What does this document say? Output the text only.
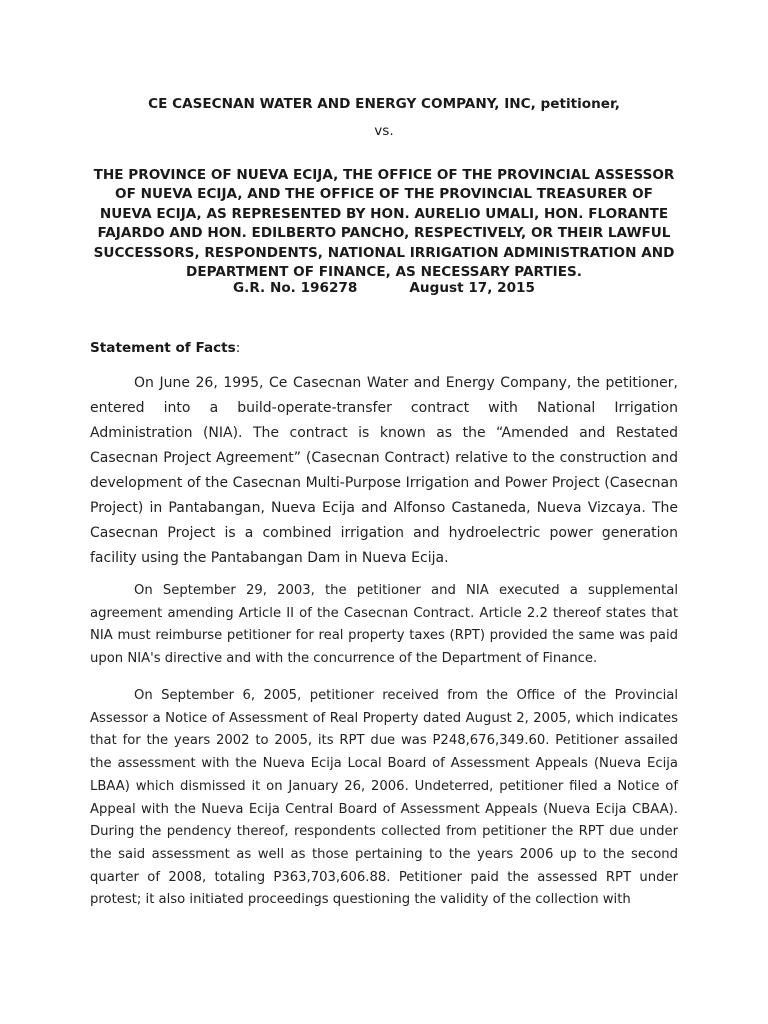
CE CASECNAN WATER AND ENERGY COMPANY, INC, petitioner,

vs.

THE PROVINCE OF NUEVA ECIJA, THE OFFICE OF THE PROVINCIAL ASSESSOR OF NUEVA ECIJA, AND THE OFFICE OF THE PROVINCIAL TREASURER OF NUEVA ECIJA, AS REPRESENTED BY HON. AURELIO UMALI, HON. FLORANTE FAJARDO AND HON. EDILBERTO PANCHO, RESPECTIVELY, OR THEIR LAWFUL SUCCESSORS, RESPONDENTS, NATIONAL IRRIGATION ADMINISTRATION AND DEPARTMENT OF FINANCE, AS NECESSARY PARTIES.

G.R. No. 196278	August 17, 2015
Statement of Facts:

On June 26, 1995, Ce Casecnan Water and Energy Company, the petitioner, entered into a build-operate-transfer contract with National Irrigation Administration (NIA). The contract is known as the “Amended and Restated Casecnan Project Agreement” (Casecnan Contract) relative to the construction and development of the Casecnan Multi-Purpose Irrigation and Power Project (Casecnan Project) in Pantabangan, Nueva Ecija and Alfonso Castaneda, Nueva Vizcaya. The Casecnan Project is a combined irrigation and hydroelectric power generation facility using the Pantabangan Dam in Nueva Ecija.

On September 29, 2003, the petitioner and NIA executed a supplemental agreement amending Article II of the Casecnan Contract. Article 2.2 thereof states that NIA must reimburse petitioner for real property taxes (RPT) provided the same was paid upon NIA's directive and with the concurrence of the Department of Finance.

On September 6, 2005, petitioner received from the Office of the Provincial Assessor a Notice of Assessment of Real Property dated August 2, 2005, which indicates that for the years 2002 to 2005, its RPT due was P248,676,349.60. Petitioner assailed the assessment with the Nueva Ecija Local Board of Assessment Appeals (Nueva Ecija LBAA) which dismissed it on January 26, 2006. Undeterred, petitioner filed a Notice of Appeal with the Nueva Ecija Central Board of Assessment Appeals (Nueva Ecija CBAA). During the pendency thereof, respondents collected from petitioner the RPT due under the said assessment as well as those pertaining to the years 2006 up to the second quarter of 2008, totaling P363,703,606.88. Petitioner paid the assessed RPT under protest; it also initiated proceedings questioning the validity of the collection with
